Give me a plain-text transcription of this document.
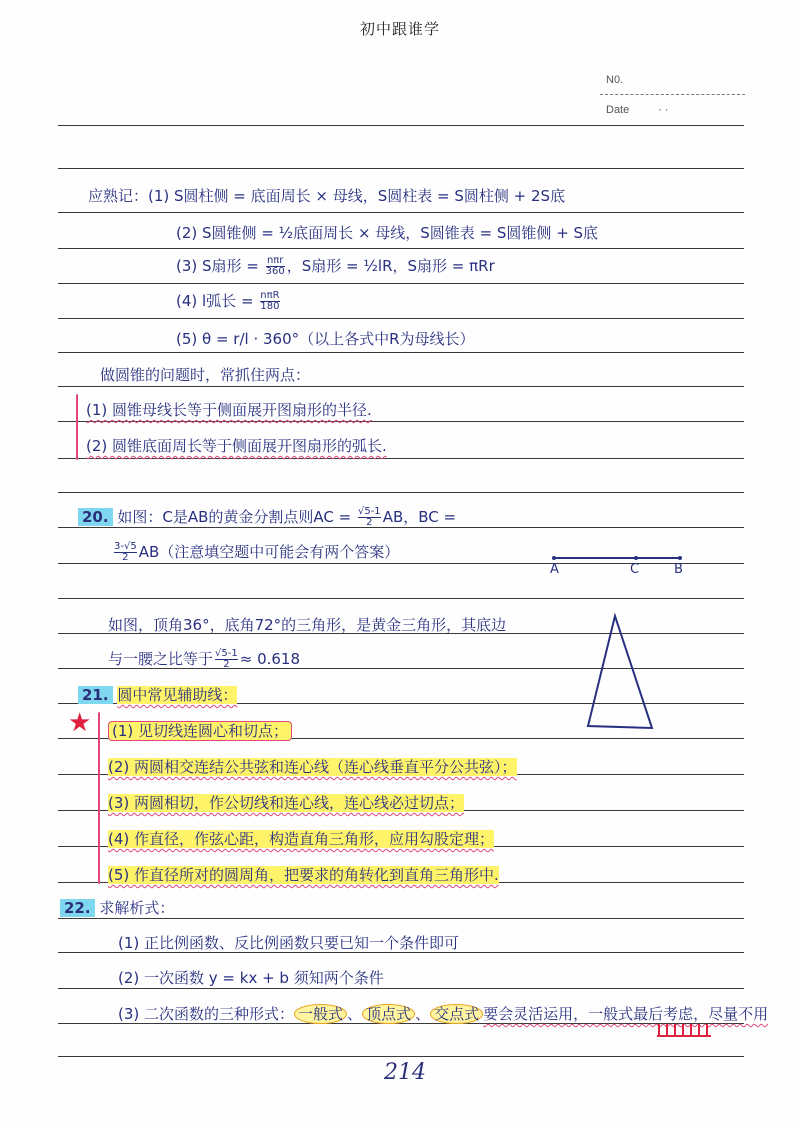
初中跟谁学
N0.
Date	· ·
应熟记：(1) S圆柱侧 = 底面周长 × 母线，S圆柱表 = S圆柱侧 + 2S底
(2) S圆锥侧 = ½底面周长 × 母线，S圆锥表 = S圆锥侧 + S底
(3) S扇形 = $\frac{\text{nπr}}{360}$ ，S扇形 = ½lR，S扇形 = πRr
(4) l弧长 = $\frac{\text{nπR}}{180}$
(5) θ = r/l · 360°（以上各式中R为母线长）
做圆锥的问题时，常抓住两点：
(1) 圆锥母线长等于侧面展开图扇形的半径.
(2) 圆锥底面周长等于侧面展开图扇形的弧长.
20. 如图：C是AB的黄金分割点则AC = $\frac{√5-1}{2}$ AB，BC =
$\frac{3-√5}{2} AB$（注意填空题中可能会有两个答案）
A	C	B
如图，顶角36°，底角72°的三角形，是黄金三角形，其底边
与一腰之比等于 $\frac{√5-1}{2} \approx 0.618$
21. 圆中常见辅助线：
★ (1) 见切线连圆心和切点；
(2) 两圆相交连结公共弦和连心线（连心线垂直平分公共弦）；
(3) 两圆相切，作公切线和连心线，连心线必过切点；
(4) 作直径，作弦心距，构造直角三角形，应用勾股定理；
(5) 作直径所对的圆周角，把要求的角转化到直角三角形中.
22. 求解析式：
(1) 正比例函数、反比例函数只要已知一个条件即可
(2) 一次函数 y = kx + b 须知两个条件
(3) 二次函数的三种形式： 一般式 、 顶点式 、 交点式 要会灵活运用，一般式最后考虑，尽量不用
214
